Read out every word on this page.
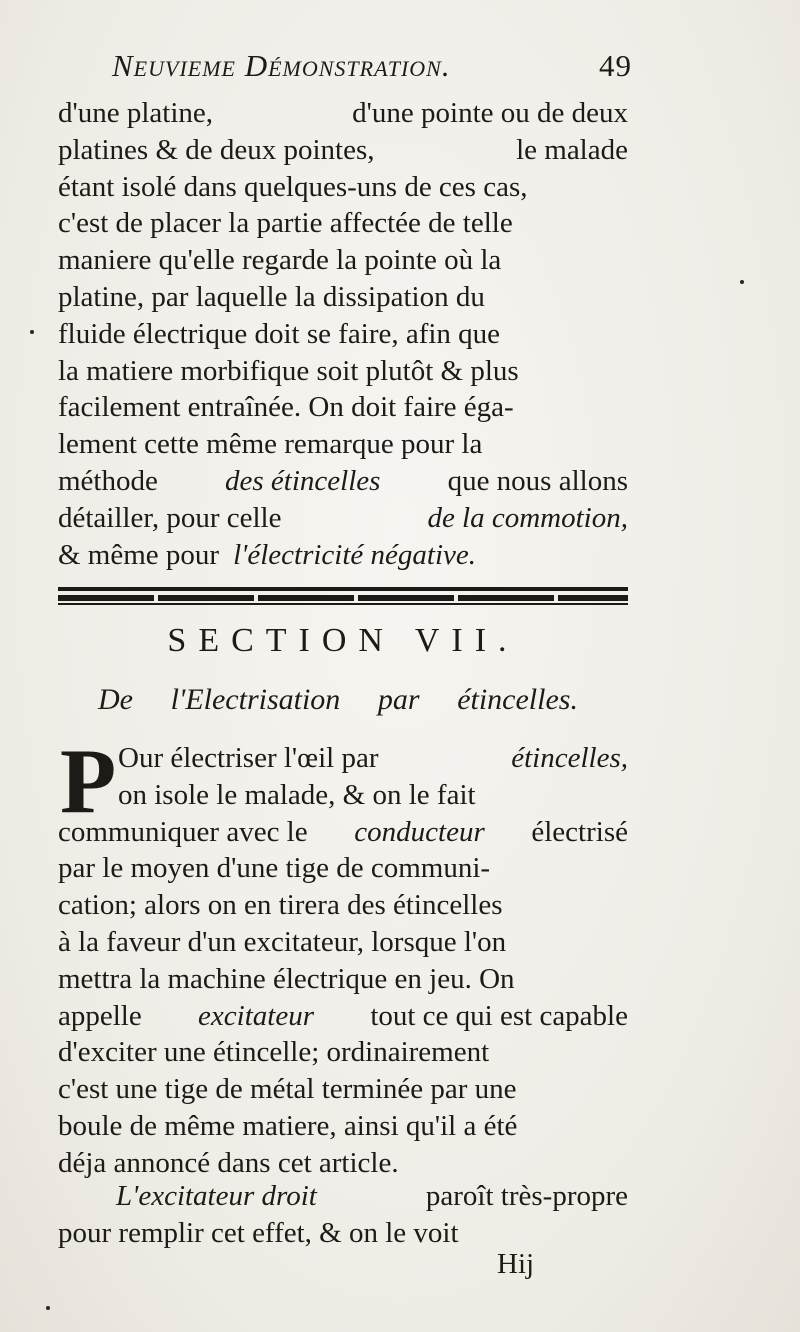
Neuvieme Démonstration.	49
d'une platine,	d'une pointe ou de deux
platines & de deux pointes,	le malade
étant isolé dans quelques-uns de ces cas,
c'est de placer la partie affectée de telle
maniere qu'elle regarde la pointe où la
platine, par laquelle la dissipation du
fluide électrique doit se faire, afin que
la matiere morbifique soit plutôt & plus
facilement entraînée. On doit faire éga-
lement cette même remarque pour la
méthode des étincelles que nous allons
détailler, pour celle	de la commotion,
& même pour l'électricité négative.
SECTION VII.
De l'Electrisation par étincelles.
P Our électriser l'œil par	étincelles,
on isole le malade, & on le fait
communiquer avec le conducteur électrisé
par le moyen d'une tige de communi-
cation; alors on en tirera des étincelles
à la faveur d'un excitateur, lorsque l'on
mettra la machine électrique en jeu. On
appelle excitateur tout ce qui est capable
d'exciter une étincelle; ordinairement
c'est une tige de métal terminée par une
boule de même matiere, ainsi qu'il a été
déja annoncé dans cet article.
L'excitateur droit	paroît très-propre
pour remplir cet effet, & on le voit
Hij
